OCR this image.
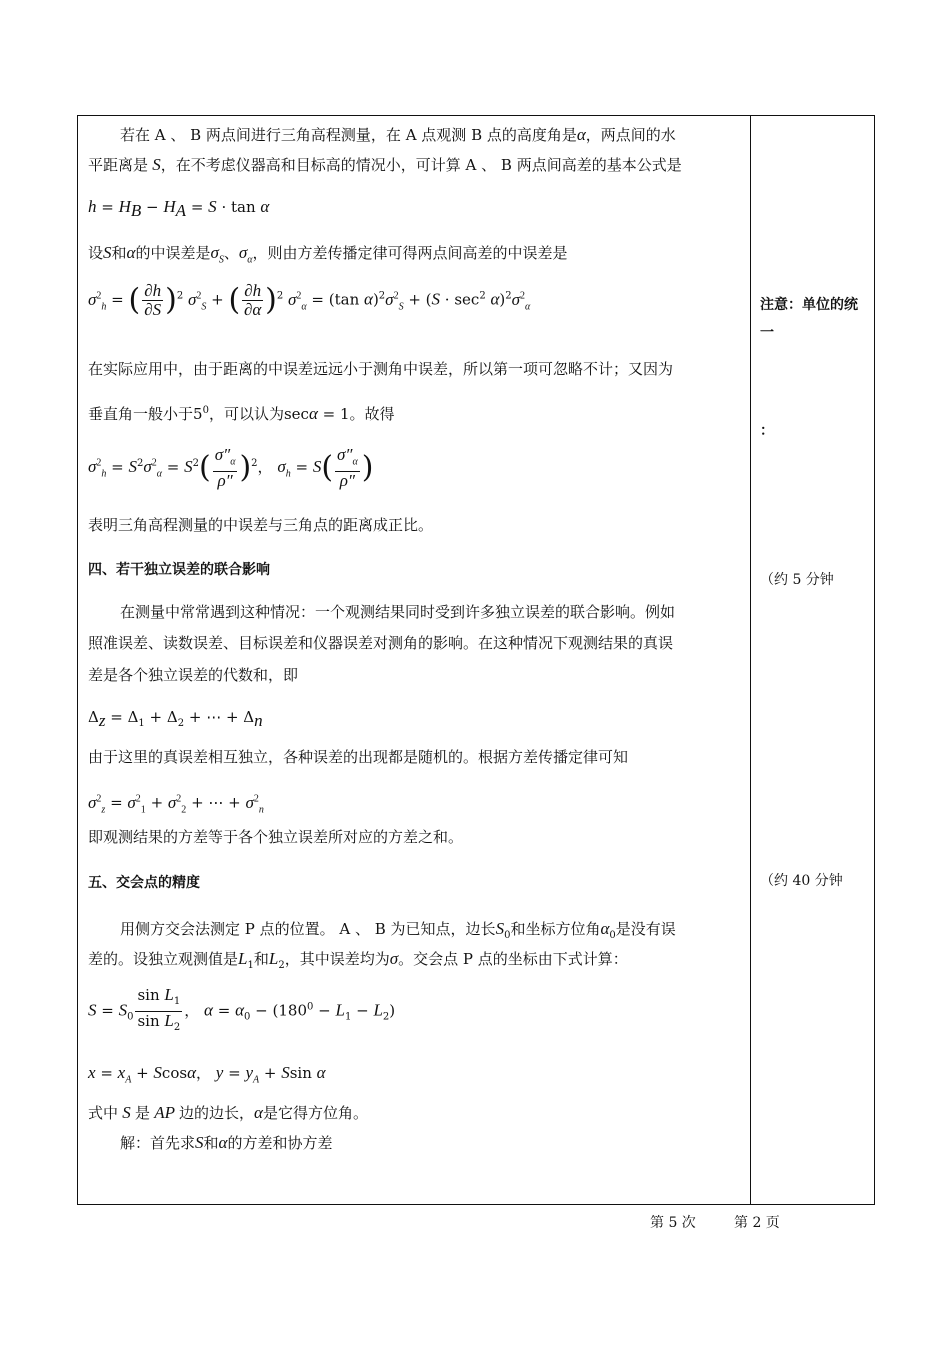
若在 A 、 B 两点间进行三角高程测量，在 A 点观测 B 点的高度角是α，两点间的水
平距离是 S，在不考虑仪器高和目标高的情况小，可计算 A 、 B 两点间高差的基本公式是
$h = H_B - H_A = S \cdot \tan \alpha$
设S和α的中误差是$\sigma_S$、$\sigma_\alpha$，则由方差传播定律可得两点间高差的中误差是
$\sigma^2_h$ = ( $\frac{\partial h}{\partial S} )^2$ $\sigma^2_S$ + ( $\frac{\partial h}{\partial\alpha} )^2$ $\sigma^2_\alpha = (\tan$ $\alpha)^2\sigma^2_S + (S \cdot \sec^2 \alpha)^2\sigma^2_\alpha$
在实际应用中，由于距离的中误差远远小于测角中误差，所以第一项可忽略不计；又因为
垂直角一般小于$5^0$，可以认为secα = 1。故得
$\sigma^2_h = S^2\sigma^2_\alpha = S^2( \frac{\sigma''_\alpha}{\rho''} )^2$， $\sigma_h = S( \frac{\sigma''_\alpha}{\rho''}$ )
表明三角高程测量的中误差与三角点的距离成正比。
四、若干独立误差的联合影响
在测量中常常遇到这种情况：一个观测结果同时受到许多独立误差的联合影响。例如
照准误差、读数误差、目标误差和仪器误差对测角的影响。在这种情况下观测结果的真误
差是各个独立误差的代数和，即
$\Delta_z = \Delta_1 + \Delta_2$ + ⋯ + $\Delta_n$
由于这里的真误差相互独立，各种误差的出现都是随机的。根据方差传播定律可知
$\sigma^2_z = \sigma^2_1 + \sigma^2_2$ + ⋯ + $\sigma^2_n$
即观测结果的方差等于各个独立误差所对应的方差之和。
五、交会点的精度
用侧方交会法测定 P 点的位置。 A 、 B 为已知点，边长$S_0$和坐标方位角$\alpha_0$是没有误
差的。设独立观测值是$L_1$和$L_2$，其中误差均为σ。交会点 P 点的坐标由下式计算：
$S = S_0 \frac{\sin L_1}{\sin L_2}$ ， $\alpha = \alpha_0 - (180^0 - L_1 - L_2)$
$x = x_A + Scos\alpha$， $y = y_A + Ssin$ α
式中 S 是 AP 边的边长，α是它得方位角。
解：首先求S和α的方差和协方差
注意：单位的统
一
：
（约 5 分钟
（约 40 分钟
第 5 次	第 2 页
